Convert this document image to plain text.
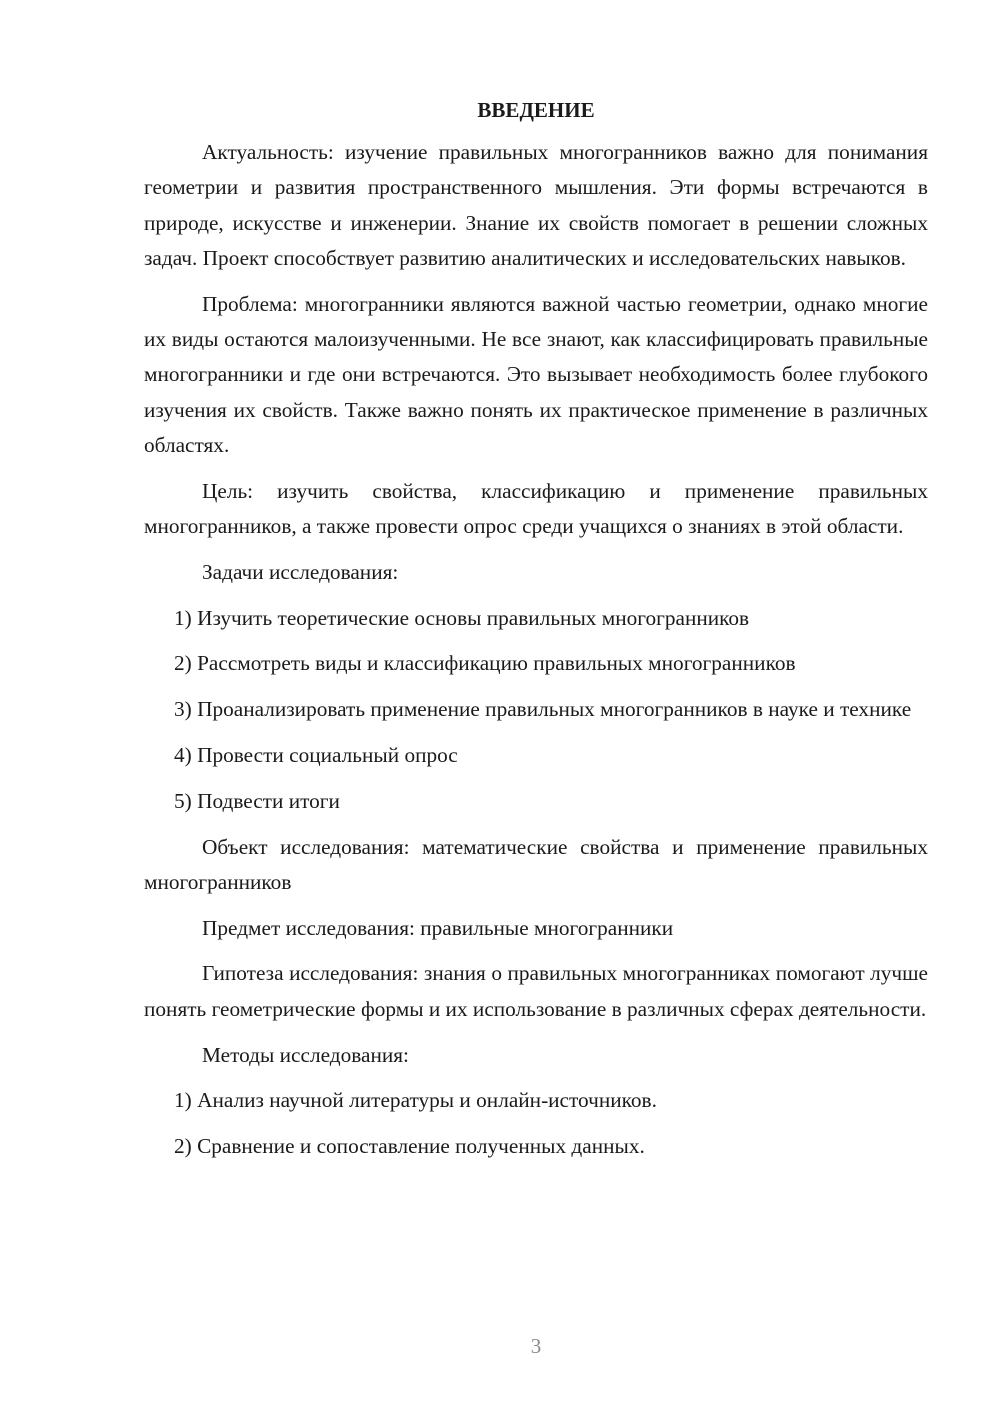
ВВЕДЕНИЕ

Актуальность: изучение правильных многогранников важно для понимания геометрии и развития пространственного мышления. Эти формы встречаются в природе, искусстве и инженерии. Знание их свойств помогает в решении сложных задач. Проект способствует развитию аналитических и исследовательских навыков.

Проблема: многогранники являются важной частью геометрии, однако многие их виды остаются малоизученными. Не все знают, как классифицировать правильные многогранники и где они встречаются. Это вызывает необходимость более глубокого изучения их свойств. Также важно понять их практическое применение в различных областях.

Цель: изучить свойства, классификацию и применение правильных многогранников, а также провести опрос среди учащихся о знаниях в этой области.

Задачи исследования:

1) Изучить теоретические основы правильных многогранников

2) Рассмотреть виды и классификацию правильных многогранников

3) Проанализировать применение правильных многогранников в науке и технике

4) Провести социальный опрос

5) Подвести итоги

Объект исследования: математические свойства и применение правильных многогранников

Предмет исследования: правильные многогранники

Гипотеза исследования: знания о правильных многогранниках помогают лучше понять геометрические формы и их использование в различных сферах деятельности.

Методы исследования:

1) Анализ научной литературы и онлайн-источников.

2) Сравнение и сопоставление полученных данных.

3
